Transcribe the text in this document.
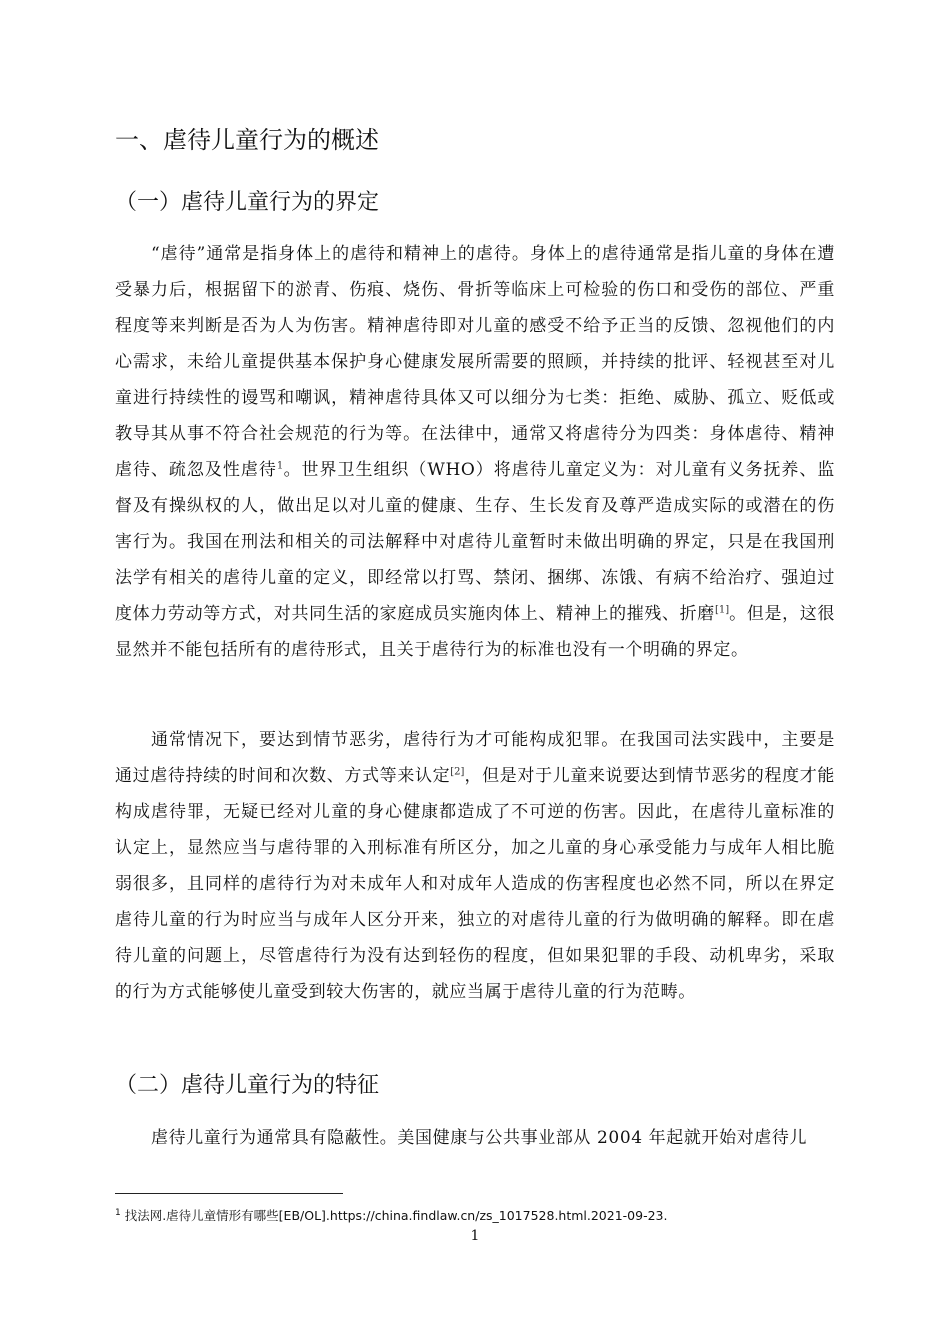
一、虐待儿童行为的概述
（一）虐待儿童行为的界定

“虐待”通常是指身体上的虐待和精神上的虐待。身体上的虐待通常是指儿童的身体在遭受暴力后，根据留下的淤青、伤痕、烧伤、骨折等临床上可检验的伤口和受伤的部位、严重程度等来判断是否为人为伤害。精神虐待即对儿童的感受不给予正当的反馈、忽视他们的内心需求，未给儿童提供基本保护身心健康发展所需要的照顾，并持续的批评、轻视甚至对儿童进行持续性的谩骂和嘲讽，精神虐待具体又可以细分为七类：拒绝、威胁、孤立、贬低或教导其从事不符合社会规范的行为等。在法律中，通常又将虐待分为四类：身体虐待、精神虐待、疏忽及性虐待$^1$。世界卫生组织（WHO）将虐待儿童定义为：对儿童有义务抚养、监督及有操纵权的人，做出足以对儿童的健康、生存、生长发育及尊严造成实际的或潜在的伤害行为。我国在刑法和相关的司法解释中对虐待儿童暂时未做出明确的界定，只是在我国刑法学有相关的虐待儿童的定义，即经常以打骂、禁闭、捆绑、冻饿、有病不给治疗、强迫过度体力劳动等方式，对共同生活的家庭成员实施肉体上、精神上的摧残、折磨[1]。但是，这很显然并不能包括所有的虐待形式，且关于虐待行为的标准也没有一个明确的界定。

通常情况下，要达到情节恶劣，虐待行为才可能构成犯罪。在我国司法实践中，主要是通过虐待持续的时间和次数、方式等来认定[2]，但是对于儿童来说要达到情节恶劣的程度才能构成虐待罪，无疑已经对儿童的身心健康都造成了不可逆的伤害。因此，在虐待儿童标准的认定上，显然应当与虐待罪的入刑标准有所区分，加之儿童的身心承受能力与成年人相比脆弱很多，且同样的虐待行为对未成年人和对成年人造成的伤害程度也必然不同，所以在界定虐待儿童的行为时应当与成年人区分开来，独立的对虐待儿童的行为做明确的解释。即在虐待儿童的问题上，尽管虐待行为没有达到轻伤的程度，但如果犯罪的手段、动机卑劣，采取的行为方式能够使儿童受到较大伤害的，就应当属于虐待儿童的行为范畴。

（二）虐待儿童行为的特征

虐待儿童行为通常具有隐蔽性。美国健康与公共事业部从 2004 年起就开始对虐待儿

$^1$ 找法网.虐待儿童情形有哪些[EB/OL].https://china.findlaw.cn/zs_1017528.html.2021-09-23.

1
